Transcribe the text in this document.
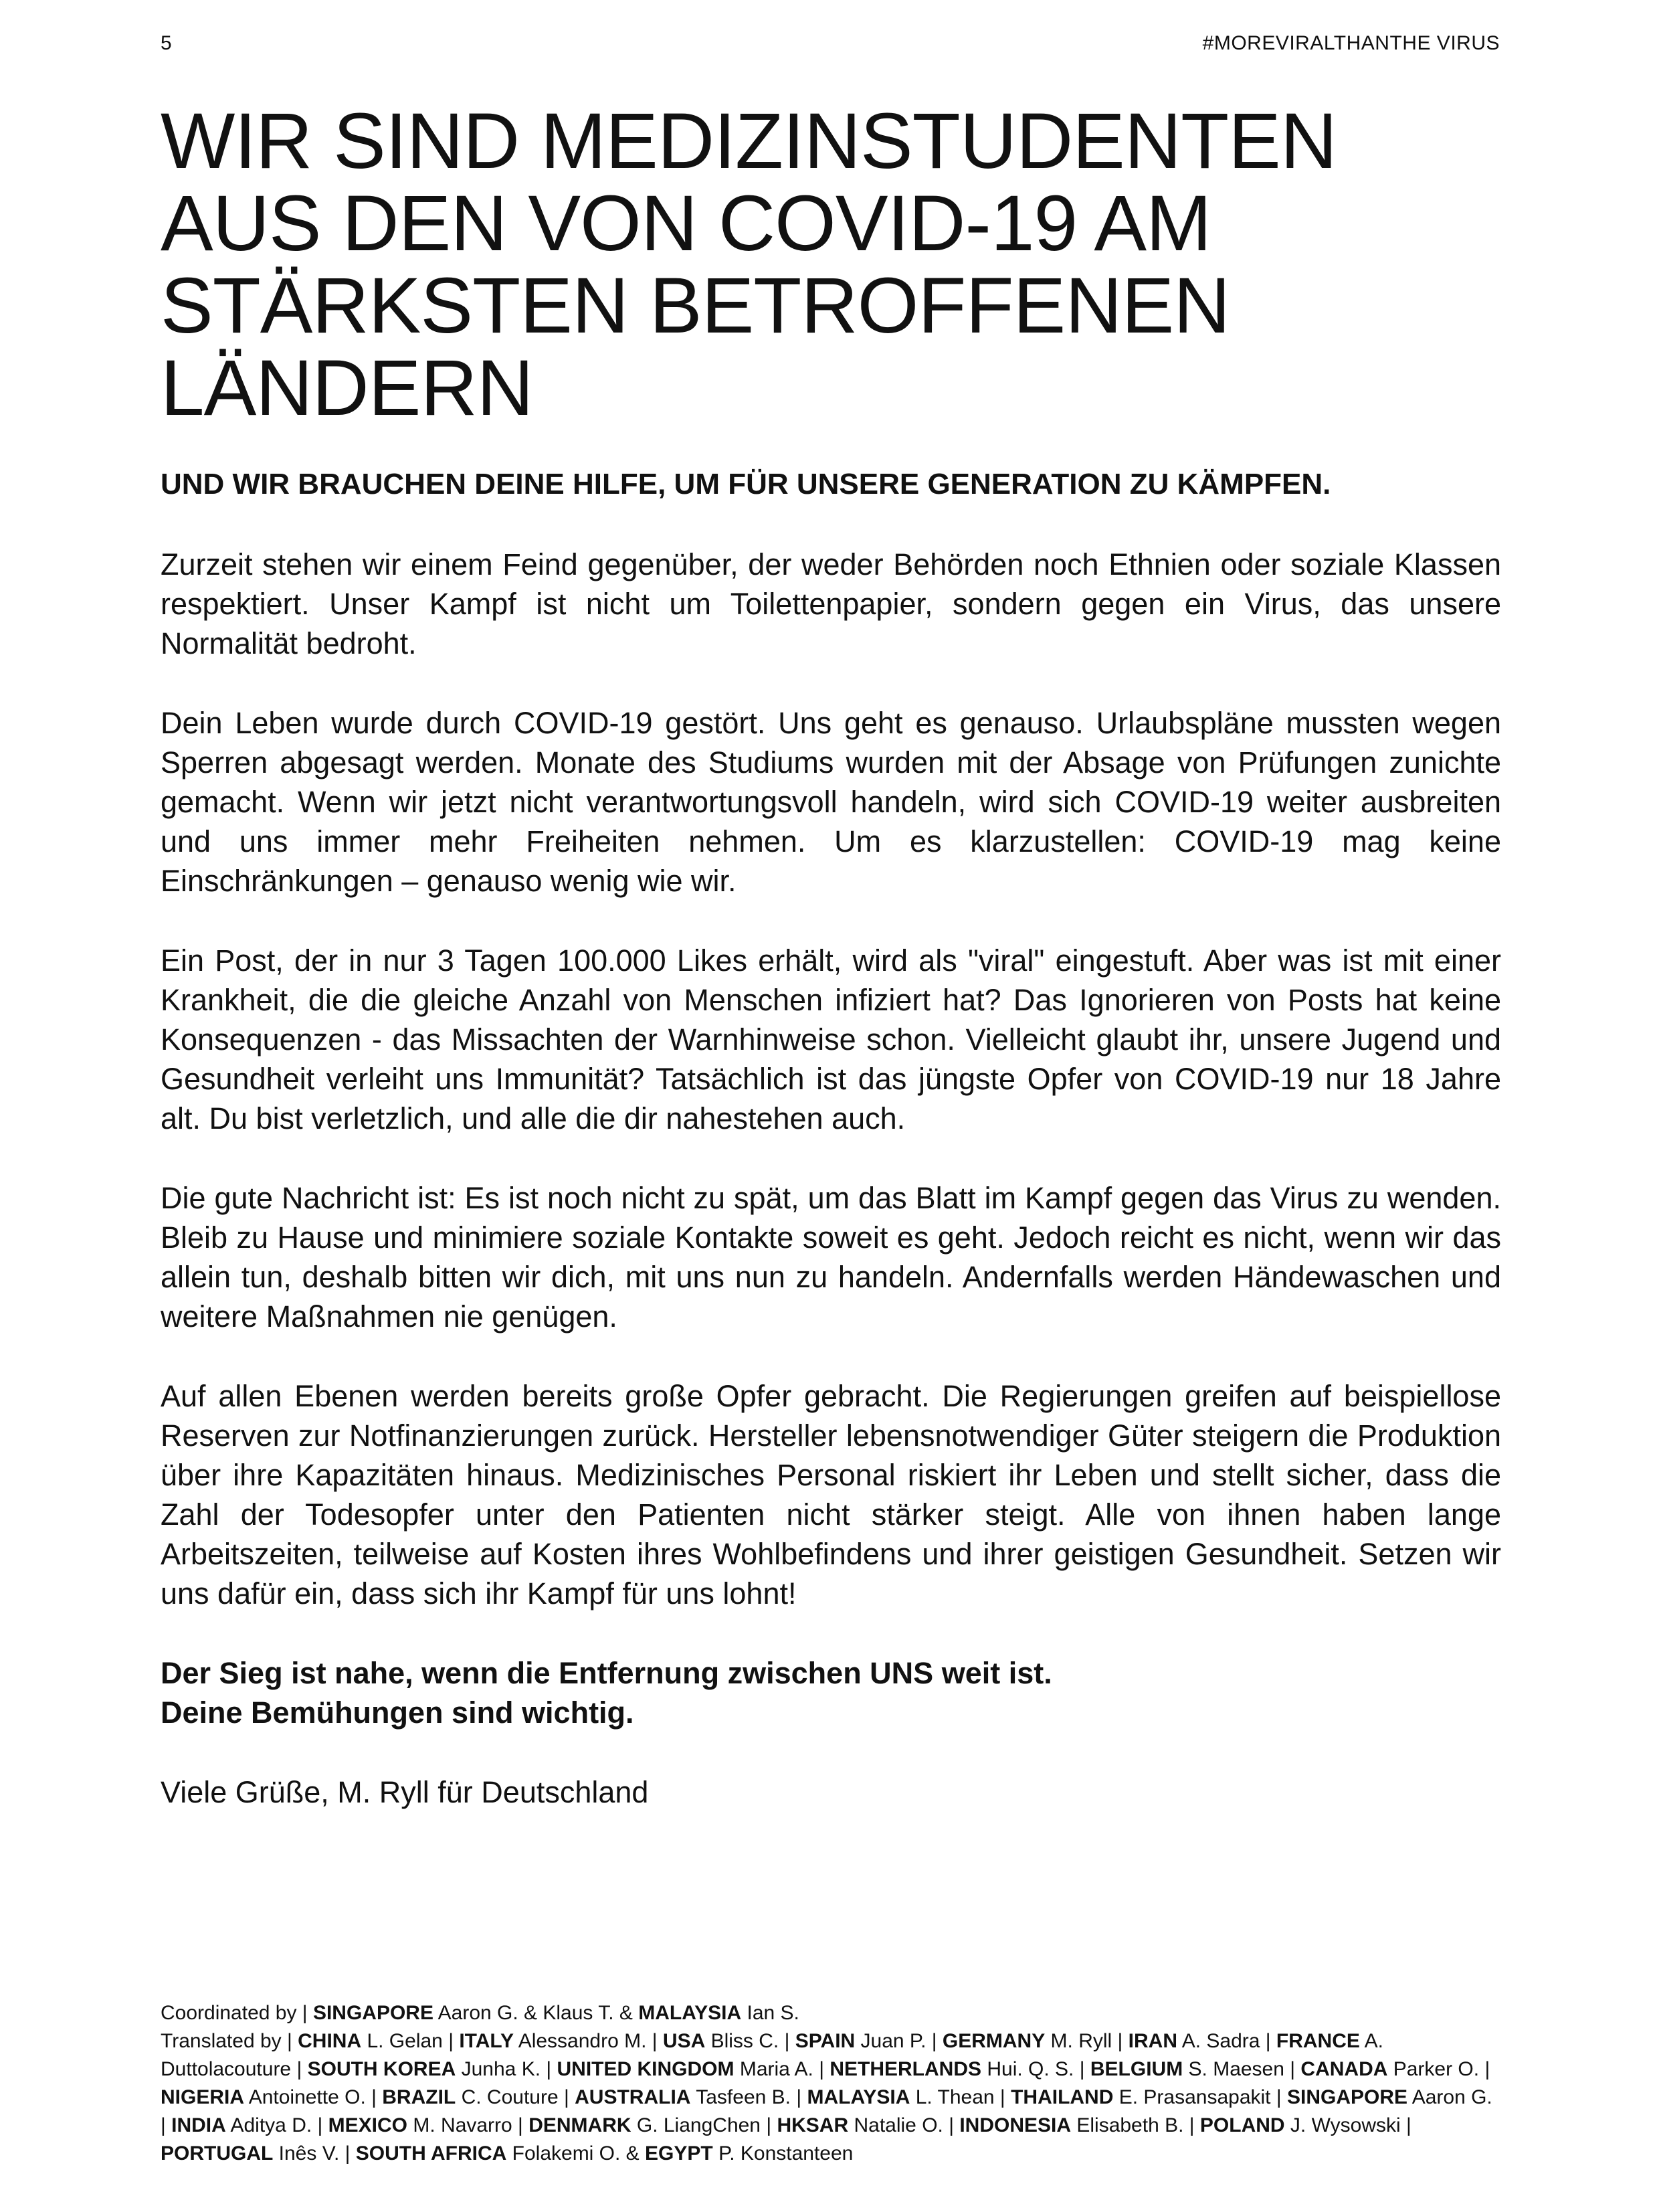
5	#MOREVIRALTHANTHE VIRUS
WIR SIND MEDIZINSTUDENTEN
AUS DEN VON COVID-19 AM
STÄRKSTEN BETROFFENEN
LÄNDERN

UND WIR BRAUCHEN DEINE HILFE, UM FÜR UNSERE GENERATION ZU KÄMPFEN.

Zurzeit stehen wir einem Feind gegenüber, der weder Behörden noch Ethnien oder soziale Klassen respektiert. Unser Kampf ist nicht um Toilettenpapier, sondern gegen ein Virus, das unsere Normalität bedroht.

Dein Leben wurde durch COVID-19 gestört. Uns geht es genauso. Urlaubspläne mussten wegen Sperren abgesagt werden. Monate des Studiums wurden mit der Absage von Prüfungen zunichte gemacht. Wenn wir jetzt nicht verantwortungsvoll handeln, wird sich COVID-19 weiter ausbreiten und uns immer mehr Freiheiten nehmen. Um es klarzustellen: COVID-19 mag keine Einschränkungen – genauso wenig wie wir.

Ein Post, der in nur 3 Tagen 100.000 Likes erhält, wird als "viral" eingestuft. Aber was ist mit einer Krankheit, die die gleiche Anzahl von Menschen infiziert hat? Das Ignorieren von Posts hat keine Konsequenzen - das Missachten der Warnhinweise schon. Vielleicht glaubt ihr, unsere Jugend und Gesundheit verleiht uns Immunität? Tatsächlich ist das jüngste Opfer von COVID-19 nur 18 Jahre alt. Du bist verletzlich, und alle die dir nahestehen auch.

Die gute Nachricht ist: Es ist noch nicht zu spät, um das Blatt im Kampf gegen das Virus zu wenden. Bleib zu Hause und minimiere soziale Kontakte soweit es geht. Jedoch reicht es nicht, wenn wir das allein tun, deshalb bitten wir dich, mit uns nun zu handeln. Andernfalls werden Händewaschen und weitere Maßnahmen nie genügen.

Auf allen Ebenen werden bereits große Opfer gebracht. Die Regierungen greifen auf beispiellose Reserven zur Notfinanzierungen zurück. Hersteller lebensnotwendiger Güter steigern die Produktion über ihre Kapazitäten hinaus. Medizinisches Personal riskiert ihr Leben und stellt sicher, dass die Zahl der Todesopfer unter den Patienten nicht stärker steigt. Alle von ihnen haben lange Arbeitszeiten, teilweise auf Kosten ihres Wohlbefindens und ihrer geistigen Gesundheit. Setzen wir uns dafür ein, dass sich ihr Kampf für uns lohnt!

Der Sieg ist nahe, wenn die Entfernung zwischen UNS weit ist.
Deine Bemühungen sind wichtig.

Viele Grüße, M. Ryll für Deutschland

Coordinated by | SINGAPORE Aaron G. & Klaus T. & MALAYSIA Ian S.

Translated by | CHINA L. Gelan | ITALY Alessandro M. | USA Bliss C. | SPAIN Juan P. | GERMANY M. Ryll | IRAN A. Sadra | FRANCE A. Duttolacouture | SOUTH KOREA Junha K. | UNITED KINGDOM Maria A. | NETHERLANDS Hui. Q. S. | BELGIUM S. Maesen | CANADA Parker O. | NIGERIA Antoinette O. | BRAZIL C. Couture | AUSTRALIA Tasfeen B. | MALAYSIA L. Thean | THAILAND E. Prasansapakit | SINGAPORE Aaron G. | INDIA Aditya D. | MEXICO M. Navarro | DENMARK G. LiangChen | HKSAR Natalie O. | INDONESIA Elisabeth B. | POLAND J. Wysowski | PORTUGAL Inês V. | SOUTH AFRICA Folakemi O. & EGYPT P. Konstanteen
